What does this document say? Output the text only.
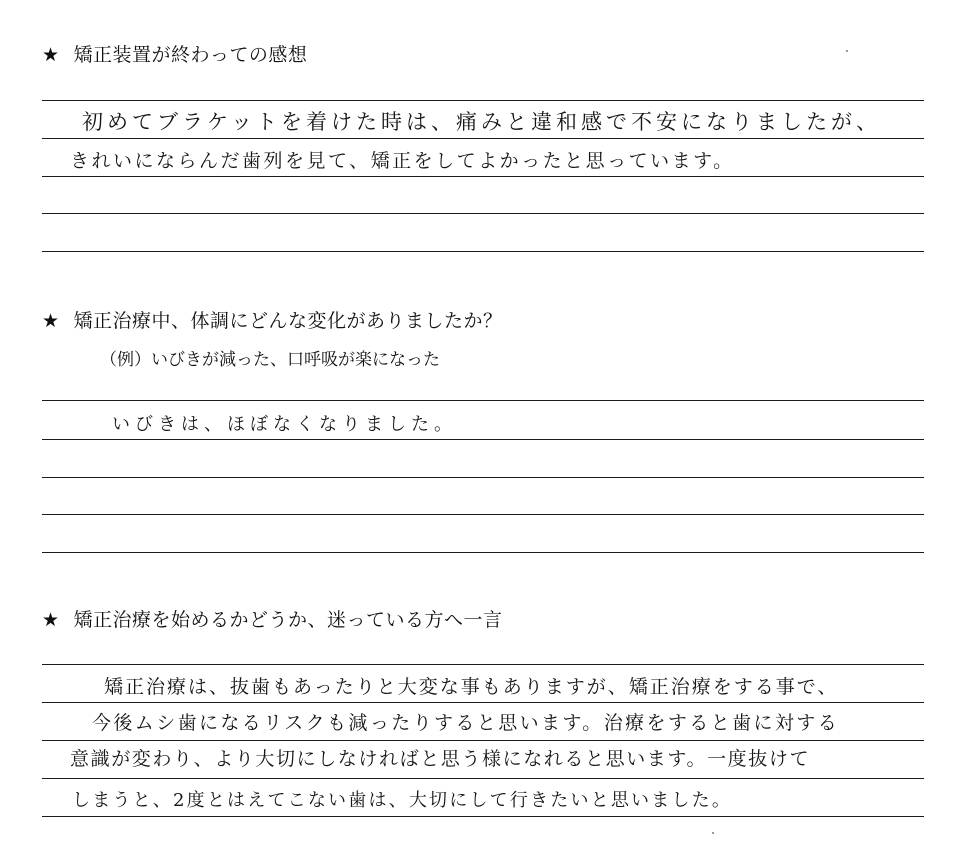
★ 矯正装置が終わっての感想
初めてブラケットを着けた時は、痛みと違和感で不安になりましたが、
きれいにならんだ歯列を見て、矯正をしてよかったと思っています。
★ 矯正治療中、体調にどんな変化がありましたか？
（例）いびきが減った、口呼吸が楽になった
いびきは、ほぼなくなりました。
★ 矯正治療を始めるかどうか、迷っている方へ一言
矯正治療は、抜歯もあったりと大変な事もありますが、矯正治療をする事で、
今後ムシ歯になるリスクも減ったりすると思います。治療をすると歯に対する
意識が変わり、より大切にしなければと思う様になれると思います。一度抜けて
しまうと、2度とはえてこない歯は、大切にして行きたいと思いました。
